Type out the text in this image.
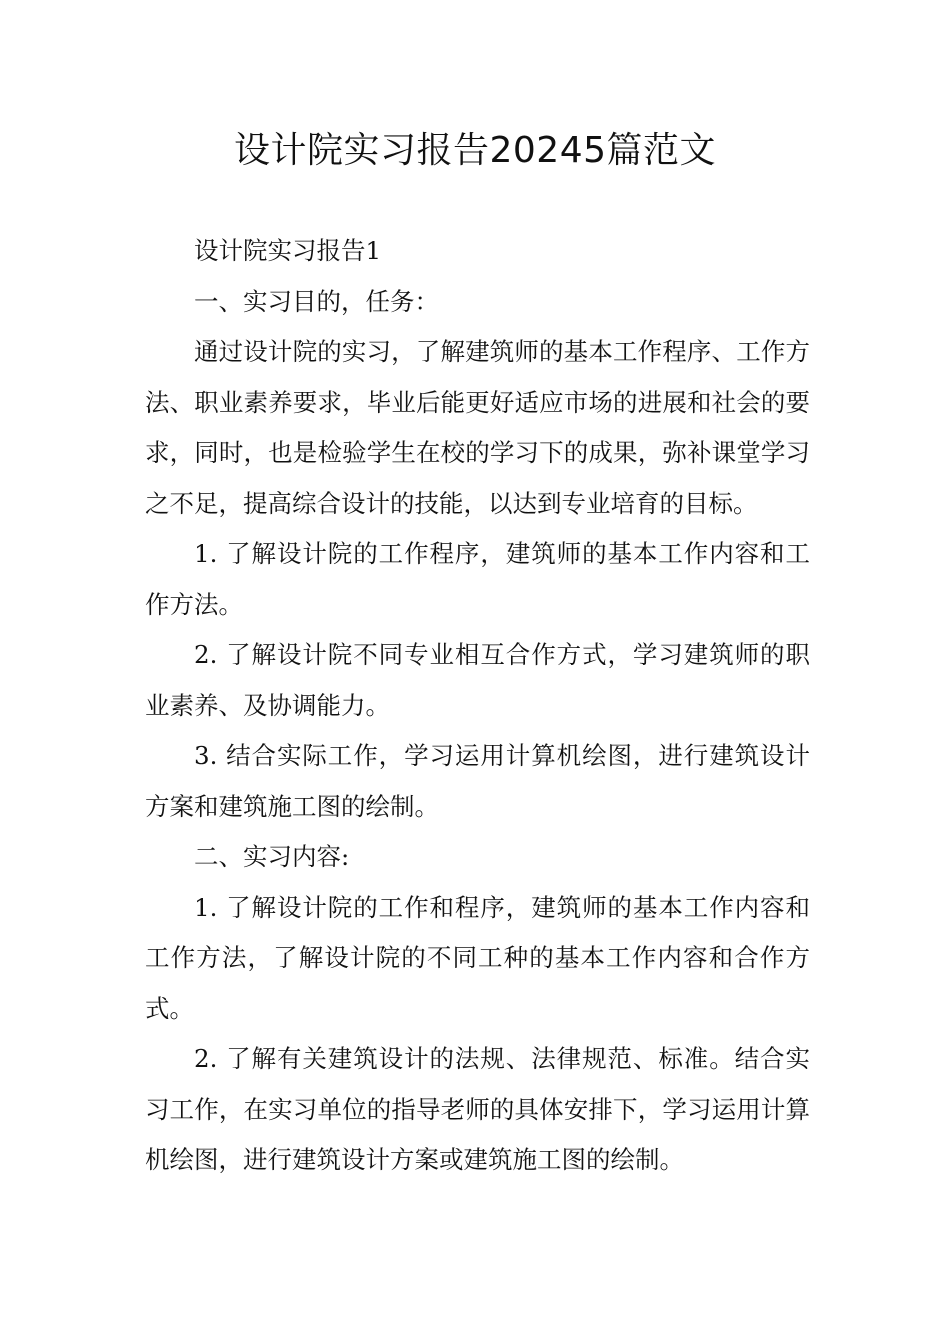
设计院实习报告20245篇范文

设计院实习报告1

一、实习目的，任务：

通过设计院的实习，了解建筑师的基本工作程序、工作方法、职业素养要求，毕业后能更好适应市场的进展和社会的要求，同时，也是检验学生在校的学习下的成果，弥补课堂学习之不足，提高综合设计的技能，以达到专业培育的目标。

1. 了解设计院的工作程序，建筑师的基本工作内容和工作方法。

2. 了解设计院不同专业相互合作方式，学习建筑师的职业素养、及协调能力。

3. 结合实际工作，学习运用计算机绘图，进行建筑设计方案和建筑施工图的绘制。

二、实习内容:

1. 了解设计院的工作和程序，建筑师的基本工作内容和工作方法，了解设计院的不同工种的基本工作内容和合作方式。

2. 了解有关建筑设计的法规、法律规范、标准。结合实习工作，在实习单位的指导老师的具体安排下，学习运用计算机绘图，进行建筑设计方案或建筑施工图的绘制。
